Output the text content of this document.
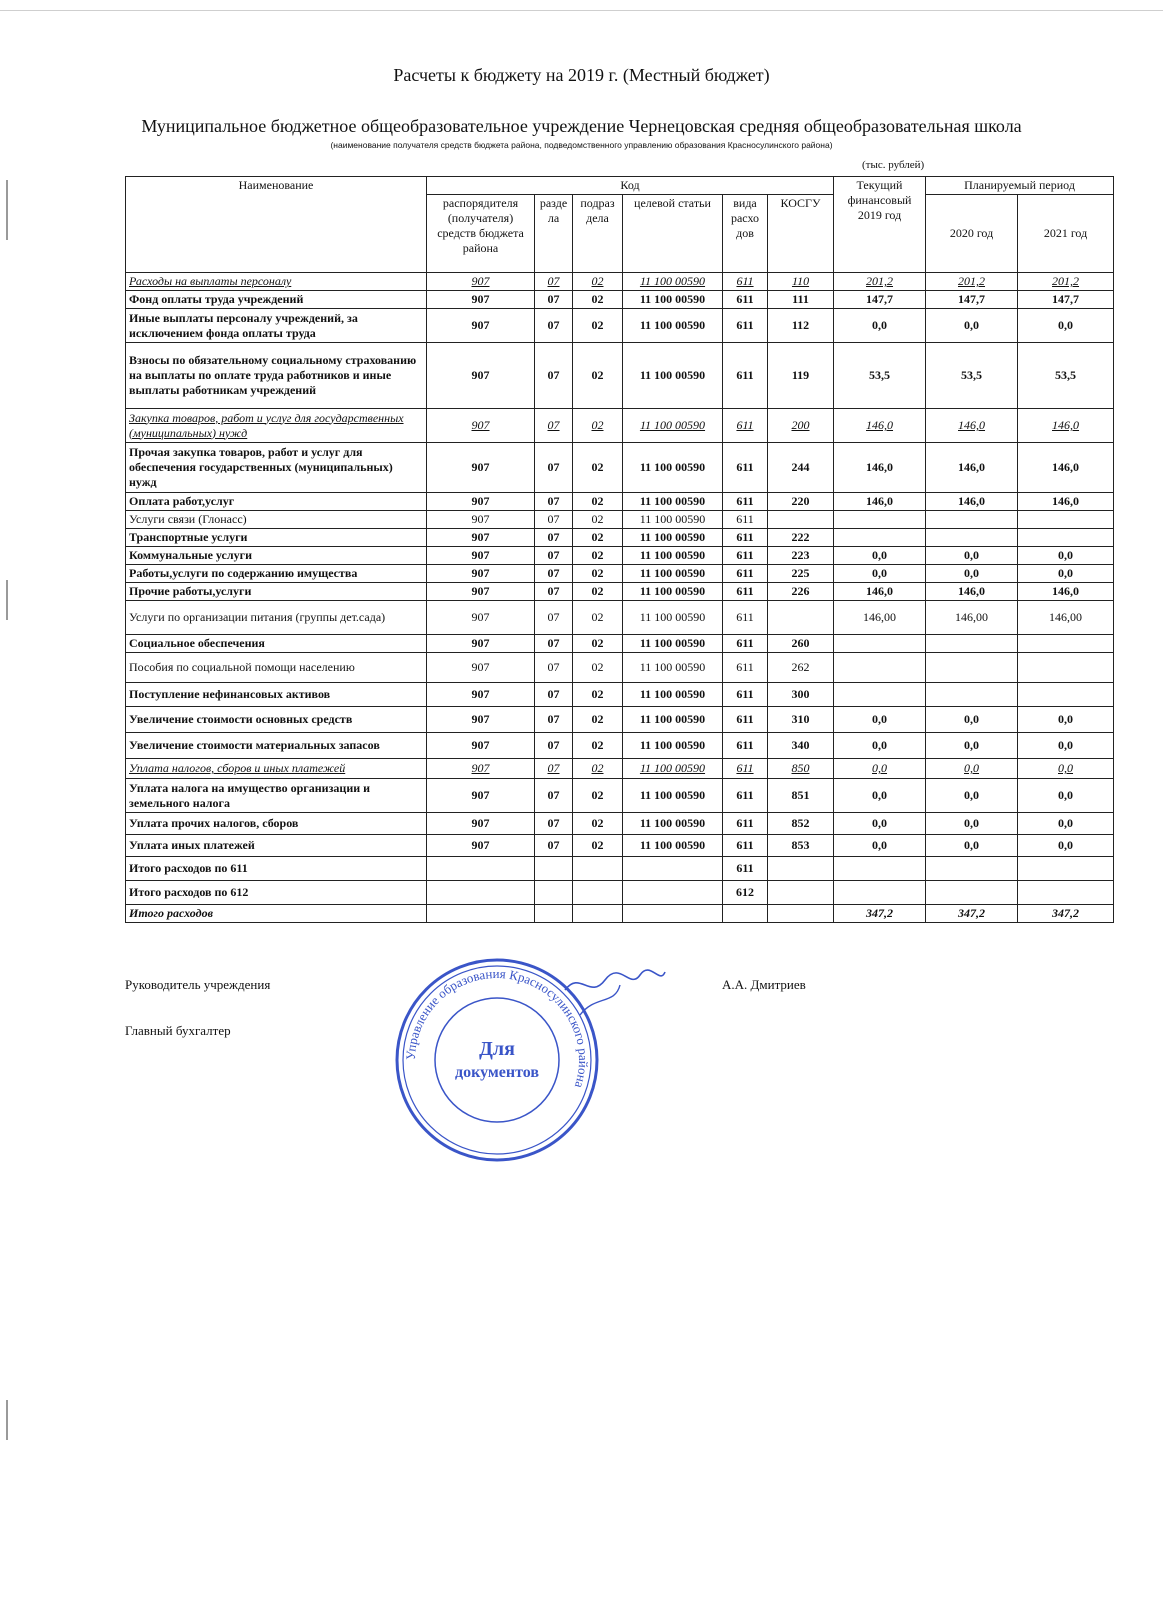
Расчеты к бюджету на 2019 г. (Местный бюджет)
Муниципальное бюджетное общеобразовательное учреждение Чернецовская средняя общеобразовательная школа
(наименование получателя средств бюджета района, подведомственного управлению образования Красносулинского района)
(тыс. рублей)
Наименование	Код						Текущий финансовый 2019 год	Планируемый период	
	распорядителя (получателя) средств бюджета района	разде ла	подраз дела	целевой статьи	вида расхо дов	КОСГУ		2020 год	2021 год
Расходы на выплаты персоналу	907	07	02	11 100 00590	611	110	201,2	201,2	201,2
Фонд оплаты труда учреждений	907	07	02	11 100 00590	611	111	147,7	147,7	147,7
Иные выплаты персоналу учреждений, за исключением фонда оплаты труда	907	07	02	11 100 00590	611	112	0,0	0,0	0,0
Взносы по обязательному социальному страхованию на выплаты по оплате труда работников и иные выплаты работникам учреждений	907	07	02	11 100 00590	611	119	53,5	53,5	53,5
Закупка товаров, работ и услуг для государственных (муниципальных) нужд	907	07	02	11 100 00590	611	200	146,0	146,0	146,0
Прочая закупка товаров, работ и услуг для обеспечения государственных (муниципальных) нужд	907	07	02	11 100 00590	611	244	146,0	146,0	146,0
Оплата работ,услуг	907	07	02	11 100 00590	611	220	146,0	146,0	146,0
Услуги связи (Глонасс)	907	07	02	11 100 00590	611				
Транспортные услуги	907	07	02	11 100 00590	611	222			
Коммунальные услуги	907	07	02	11 100 00590	611	223	0,0	0,0	0,0
Работы,услуги по содержанию имущества	907	07	02	11 100 00590	611	225	0,0	0,0	0,0
Прочие работы,услуги	907	07	02	11 100 00590	611	226	146,0	146,0	146,0
Услуги по организации питания (группы дет.сада)	907	07	02	11 100 00590	611		146,00	146,00	146,00
Социальное обеспечения	907	07	02	11 100 00590	611	260			
Пособия по социальной помощи населению	907	07	02	11 100 00590	611	262			
Поступление нефинансовых активов	907	07	02	11 100 00590	611	300			
Увеличение стоимости основных средств	907	07	02	11 100 00590	611	310	0,0	0,0	0,0
Увеличение стоимости материальных запасов	907	07	02	11 100 00590	611	340	0,0	0,0	0,0
Уплата налогов, сборов и иных платежей	907	07	02	11 100 00590	611	850	0,0	0,0	0,0
Уплата налога на имущество организации и земельного налога	907	07	02	11 100 00590	611	851	0,0	0,0	0,0
Уплата прочих налогов, сборов	907	07	02	11 100 00590	611	852	0,0	0,0	0,0
Уплата иных платежей	907	07	02	11 100 00590	611	853	0,0	0,0	0,0
Итого расходов по 611					611				
Итого расходов по 612					612				
Итого расходов							347,2	347,2	347,2
Руководитель учреждения	А.А. Дмитриев
Главный бухгалтер
Управление образования Красносулинского района
Для
документов
